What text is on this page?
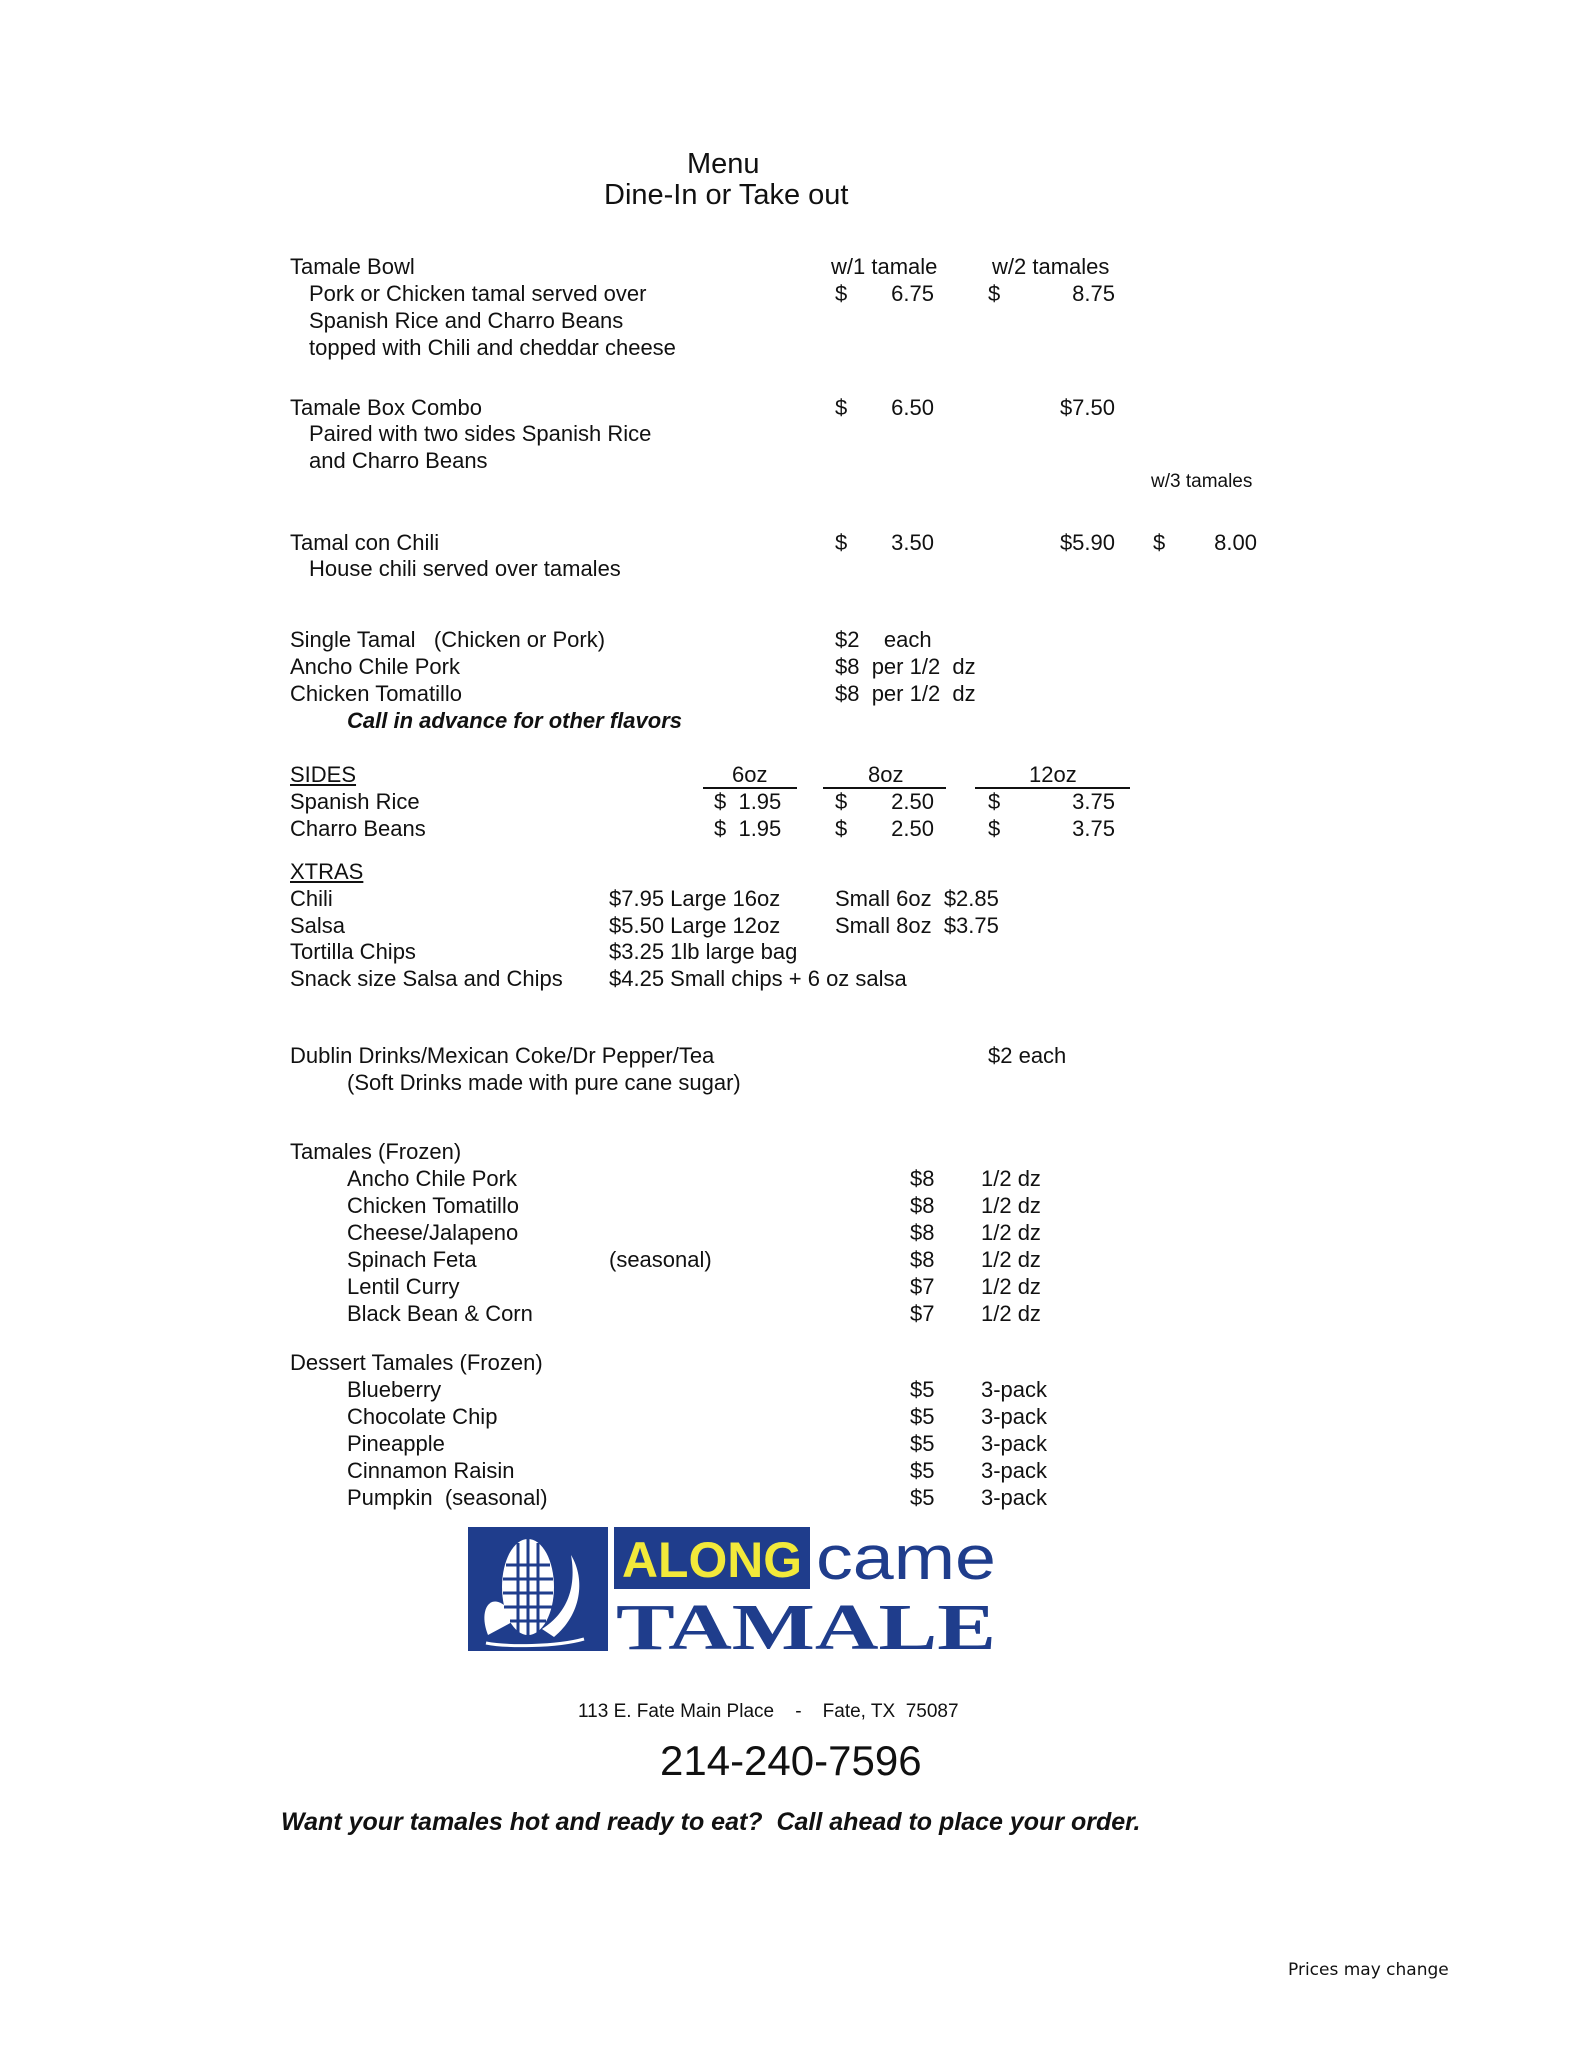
Menu
Dine-In or Take out
w/1 tamale w/2 tamales
Tamale Bowl
Pork or Chicken tamal served over
Spanish Rice and Charro Beans
topped with Chili and cheddar cheese
$	6.75 $	8.75
Tamale Box Combo
Paired with two sides Spanish Rice
and Charro Beans
$	6.50	$7.50
w/3 tamales
Tamal con Chili
House chili served over tamales
$	3.50	$5.90 $	8.00
Single Tamal   (Chicken or Pork)	$2    each
Ancho Chile Pork	$8  per 1/2  dz
Chicken Tomatillo	$8  per 1/2  dz
Call in advance for other flavors
SIDES	6oz	8oz	12oz
Spanish Rice	$  1.95 $	2.50 $	3.75
Charro Beans	$  1.95 $	2.50 $	3.75
XTRAS
Chili	$7.95 Large 16oz Small 6oz  $2.85
Salsa	$5.50 Large 12oz Small 8oz  $3.75
Tortilla Chips	$3.25 1lb large bag
Snack size Salsa and Chips $4.25 Small chips + 6 oz salsa
Dublin Drinks/Mexican Coke/Dr Pepper/Tea	$2 each
(Soft Drinks made with pure cane sugar)
Tamales (Frozen)
Ancho Chile Pork	$8 1/2 dz
Chicken Tomatillo	$8 1/2 dz
Cheese/Jalapeno	$8 1/2 dz
Spinach Feta	(seasonal)	$8 1/2 dz
Lentil Curry	$7 1/2 dz
Black Bean & Corn	$7 1/2 dz
Dessert Tamales (Frozen)
Blueberry	$5 3-pack
Chocolate Chip	$5 3-pack
Pineapple	$5 3-pack
Cinnamon Raisin	$5 3-pack
Pumpkin  (seasonal)	$5 3-pack
ALONG came
TAMALE
113 E. Fate Main Place    -    Fate, TX  75087
214-240-7596
Want your tamales hot and ready to eat?  Call ahead to place your order.
Prices may change
